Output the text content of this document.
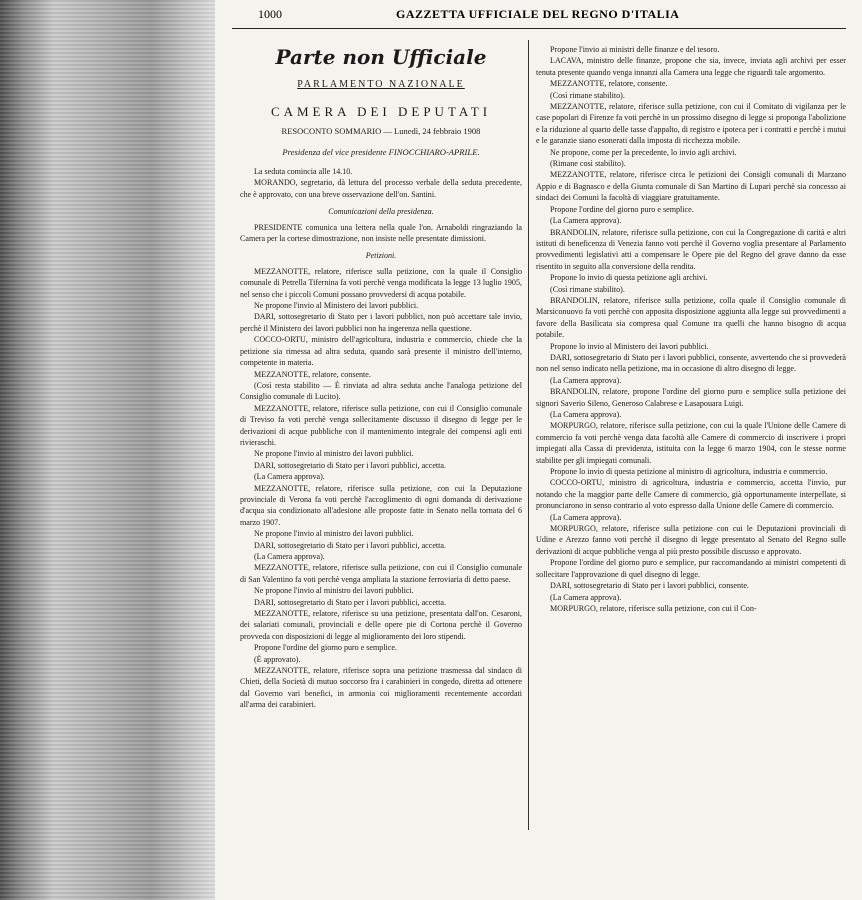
1000	GAZZETTA UFFICIALE DEL REGNO D'ITALIA
Parte non Ufficiale
PARLAMENTO NAZIONALE
CAMERA DEI DEPUTATI
RESOCONTO SOMMARIO — Lunedì, 24 febbraio 1908
Presidenza del vice presidente FINOCCHIARO-APRILE.

La seduta comincia alle 14.10.

MORANDO, segretario, dà lettura del processo verbale della seduta precedente, che è approvato, con una breve osservazione dell'on. Santini.

Comunicazioni della presidenza.

PRESIDENTE comunica una lettera nella quale l'on. Arnaboldi ringraziando la Camera per la cortese dimostrazione, non insiste nelle presentate dimissioni.

Petizioni.

MEZZANOTTE, relatore, riferisce sulla petizione, con la quale il Consiglio comunale di Petrella Tifernina fa voti perchè venga modificata la legge 13 luglio 1905, nel senso che i piccoli Comuni possano provvedersi di acqua potabile.

Ne propone l'invio al Ministero dei lavori pubblici.

DARI, sottosegretario di Stato per i lavori pubblici, non può accettare tale invio, perchè il Ministero dei lavori pubblici non ha ingerenza nella questione.

COCCO-ORTU, ministro dell'agricoltura, industria e commercio, chiede che la petizione sia rimessa ad altra seduta, quando sarà presente il ministro dell'interno, competente in materia.

MEZZANOTTE, relatore, consente.

(Così resta stabilito — È rinviata ad altra seduta anche l'analoga petizione del Consiglio comunale di Lucito).

MEZZANOTTE, relatore, riferisce sulla petizione, con cui il Consiglio comunale di Treviso fa voti perchè venga sollecitamente discusso il disegno di legge per le derivazioni di acque pubbliche con il mantenimento integrale dei compensi agli enti rivieraschi.

Ne propone l'invio al ministro dei lavori pubblici.

DARI, sottosegretario di Stato per i lavori pubblici, accetta.

(La Camera approva).

MEZZANOTTE, relatore, riferisce sulla petizione, con cui la Deputazione provinciale di Verona fa voti perchè l'accoglimento di ogni domanda di derivazione d'acqua sia condizionato all'adesione alle proposte fatte in Senato nella tornata del 6 marzo 1907.

Ne propone l'invio al ministro dei lavori pubblici.

DARI, sottosegretario di Stato per i lavori pubblici, accetta.

(La Camera approva).

MEZZANOTTE, relatore, riferisce sulla petizione, con cui il Consiglio comunale di San Valentino fa voti perchè venga ampliata la stazione ferroviaria di detto paese.

Ne propone l'invio al ministro dei lavori pubblici.

DARI, sottosegretario di Stato per i lavori pubblici, accetta.

MEZZANOTTE, relatore, riferisce su una petizione, presentata dall'on. Cesaroni, dei salariati comunali, provinciali e delle opere pie di Cortona perchè il Governo provveda con disposizioni di legge al miglioramento dei loro stipendi.

Propone l'ordine del giorno puro e semplice.

(È approvato).

MEZZANOTTE, relatore, riferisce sopra una petizione trasmessa dal sindaco di Chieti, della Società di mutuo soccorso fra i carabinieri in congedo, diretta ad ottenere dal Governo vari benefici, in armonia coi miglioramenti recentemente accordati all'arma dei carabinieri.

Propone l'invio ai ministri delle finanze e del tesoro.

LACAVA, ministro delle finanze, propone che sia, invece, inviata agli archivi per esser tenuta presente quando venga innanzi alla Camera una legge che riguardi tale argomento.

MEZZANOTTE, relatore, consente.

(Così rimane stabilito).

MEZZANOTTE, relatore, riferisce sulla petizione, con cui il Comitato di vigilanza per le case popolari di Firenze fa voti perchè in un prossimo disegno di legge si proponga l'abolizione e la riduzione al quarto delle tasse d'appalto, di registro e ipoteca per i contratti e perchè i mutui e le garanzie siano esonerati dalla imposta di ricchezza mobile.

Ne propone, come per la precedente, lo invio agli archivi.

(Rimane così stabilito).

MEZZANOTTE, relatore, riferisce circa le petizioni dei Consigli comunali di Marzano Appio e di Bagnasco e della Giunta comunale di San Martino di Lupari perchè sia concesso ai sindaci dei Comuni la facoltà di viaggiare gratuitamente.

Propone l'ordine del giorno puro e semplice.

(La Camera approva).

BRANDOLIN, relatore, riferisce sulla petizione, con cui la Congregazione di carità e altri istituti di beneficenza di Venezia fanno voti perchè il Governo voglia presentare al Parlamento provvedimenti legislativi atti a compensare le Opere pie del Regno del grave danno da esse risentito in seguito alla conversione della rendita.

Propone lo invio di questa petizione agli archivi.

(Così rimane stabilito).

BRANDOLIN, relatore, riferisce sulla petizione, colla quale il Consiglio comunale di Marsiconuovo fa voti perchè con apposita disposizione aggiunta alla legge sui provvedimenti a favore della Basilicata sia compresa qual Comune tra quelli che hanno bisogno di acqua potabile.

Propone lo invio al Ministero dei lavori pubblici.

DARI, sottosegretario di Stato per i lavori pubblici, consente, avvertendo che si provvederà non nel senso indicato nella petizione, ma in occasione di altro disegno di legge.

(La Camera approva).

BRANDOLIN, relatore, propone l'ordine del giorno puro e semplice sulla petizione dei signori Saverio Sileno, Generoso Calabrese e Lasapouara Luigi.

(La Camera approva).

MORPURGO, relatore, riferisce sulla petizione, con cui la quale l'Unione delle Camere di commercio fa voti perchè venga data facoltà alle Camere di commercio di inscrivere i propri impiegati alla Cassa di previdenza, istituita con la legge 6 marzo 1904, con le stesse norme stabilite per gli impiegati comunali.

Propone lo invio di questa petizione al ministro di agricoltura, industria e commercio.

COCCO-ORTU, ministro di agricoltura, industria e commercio, accetta l'invio, pur notando che la maggior parte delle Camere di commercio, già opportunamente interpellate, si pronunciarono in senso contrario al voto espresso dalla Unione delle Camere di commercio.

(La Camera approva).

MORPURGO, relatore, riferisce sulla petizione con cui le Deputazioni provinciali di Udine e Arezzo fanno voti perchè il disegno di legge presentato al Senato del Regno sulle derivazioni di acque pubbliche venga al più presto possibile discusso e approvato.

Propone l'ordine del giorno puro e semplice, pur raccomandando ai ministri competenti di sollecitare l'approvazione di quel disegno di legge.

DARI, sottosegretario di Stato per i lavori pubblici, consente.

(La Camera approva).

MORPURGO, relatore, riferisce sulla petizione, con cui il Con-
